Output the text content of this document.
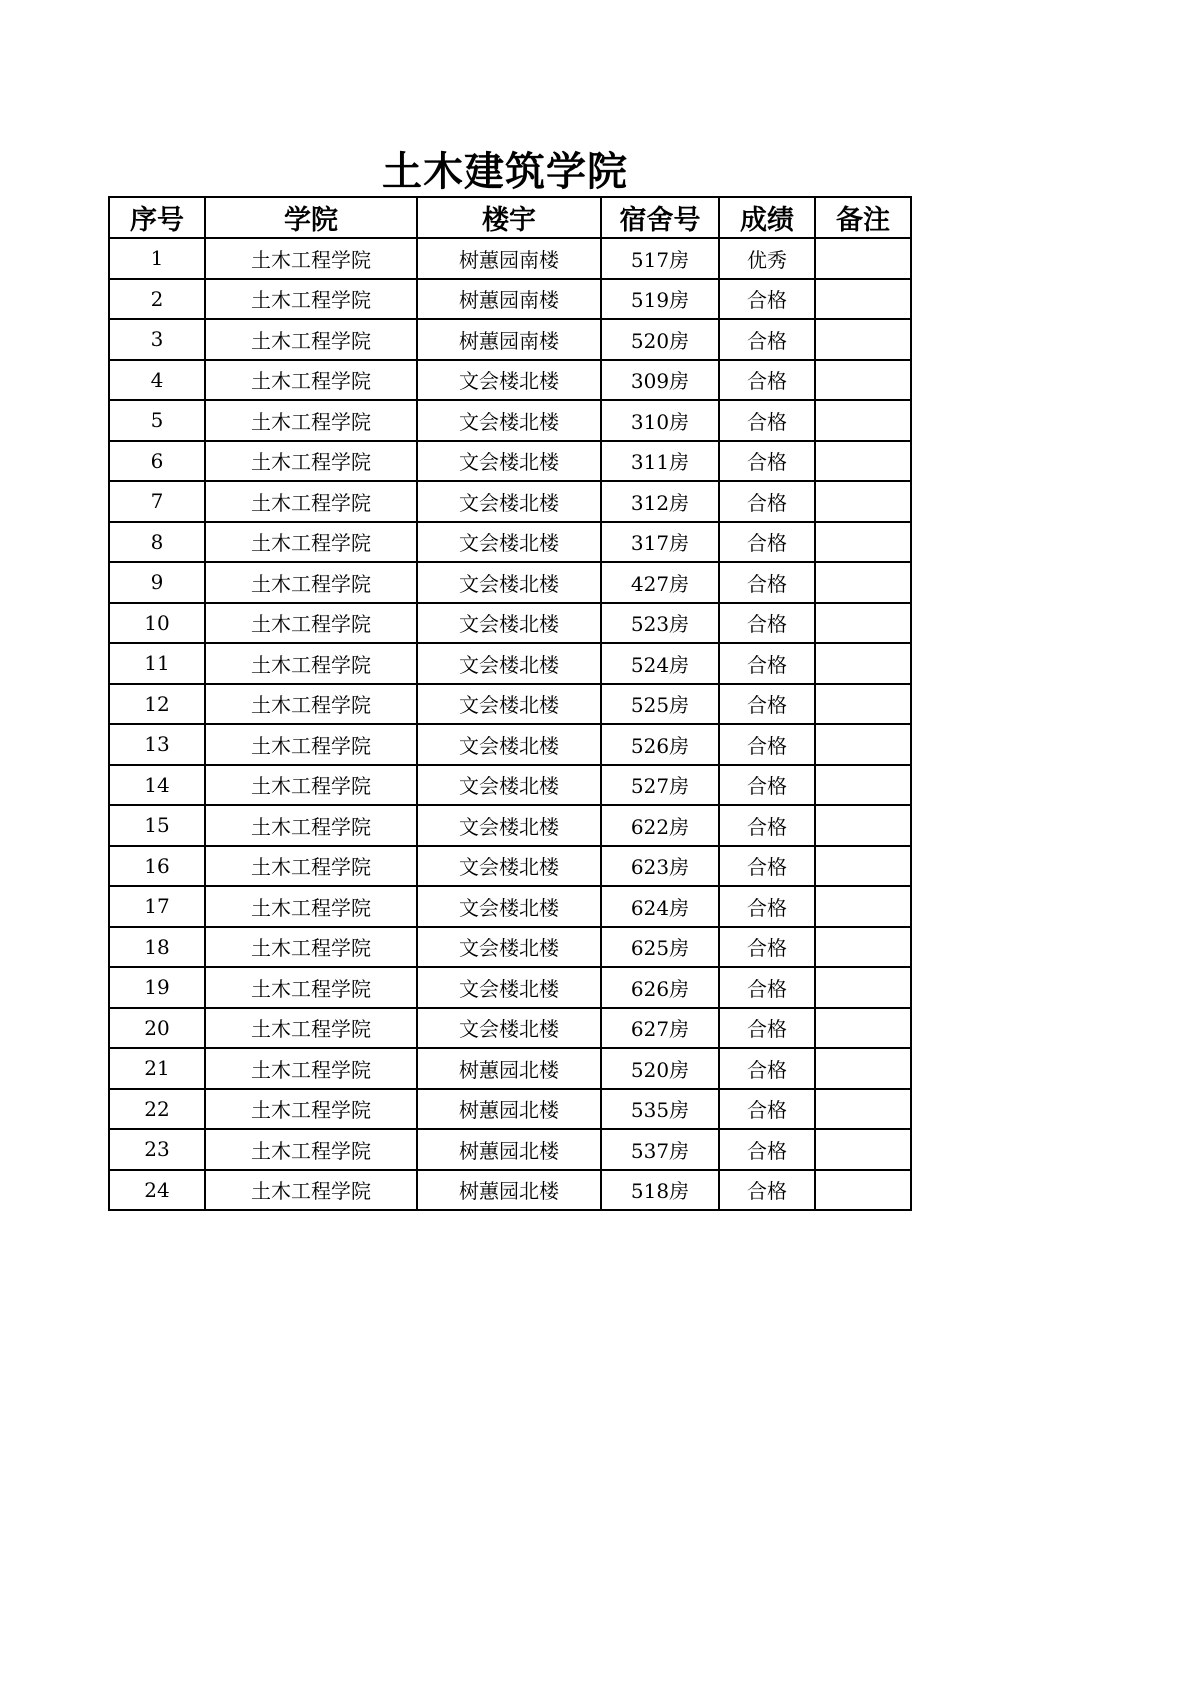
土木建筑学院
序号	学院	楼宇	宿舍号	成绩	备注
1	土木工程学院	树蕙园南楼	517房	优秀	
2	土木工程学院	树蕙园南楼	519房	合格	
3	土木工程学院	树蕙园南楼	520房	合格	
4	土木工程学院	文会楼北楼	309房	合格	
5	土木工程学院	文会楼北楼	310房	合格	
6	土木工程学院	文会楼北楼	311房	合格	
7	土木工程学院	文会楼北楼	312房	合格	
8	土木工程学院	文会楼北楼	317房	合格	
9	土木工程学院	文会楼北楼	427房	合格	
10	土木工程学院	文会楼北楼	523房	合格	
11	土木工程学院	文会楼北楼	524房	合格	
12	土木工程学院	文会楼北楼	525房	合格	
13	土木工程学院	文会楼北楼	526房	合格	
14	土木工程学院	文会楼北楼	527房	合格	
15	土木工程学院	文会楼北楼	622房	合格	
16	土木工程学院	文会楼北楼	623房	合格	
17	土木工程学院	文会楼北楼	624房	合格	
18	土木工程学院	文会楼北楼	625房	合格	
19	土木工程学院	文会楼北楼	626房	合格	
20	土木工程学院	文会楼北楼	627房	合格	
21	土木工程学院	树蕙园北楼	520房	合格	
22	土木工程学院	树蕙园北楼	535房	合格	
23	土木工程学院	树蕙园北楼	537房	合格	
24	土木工程学院	树蕙园北楼	518房	合格	
